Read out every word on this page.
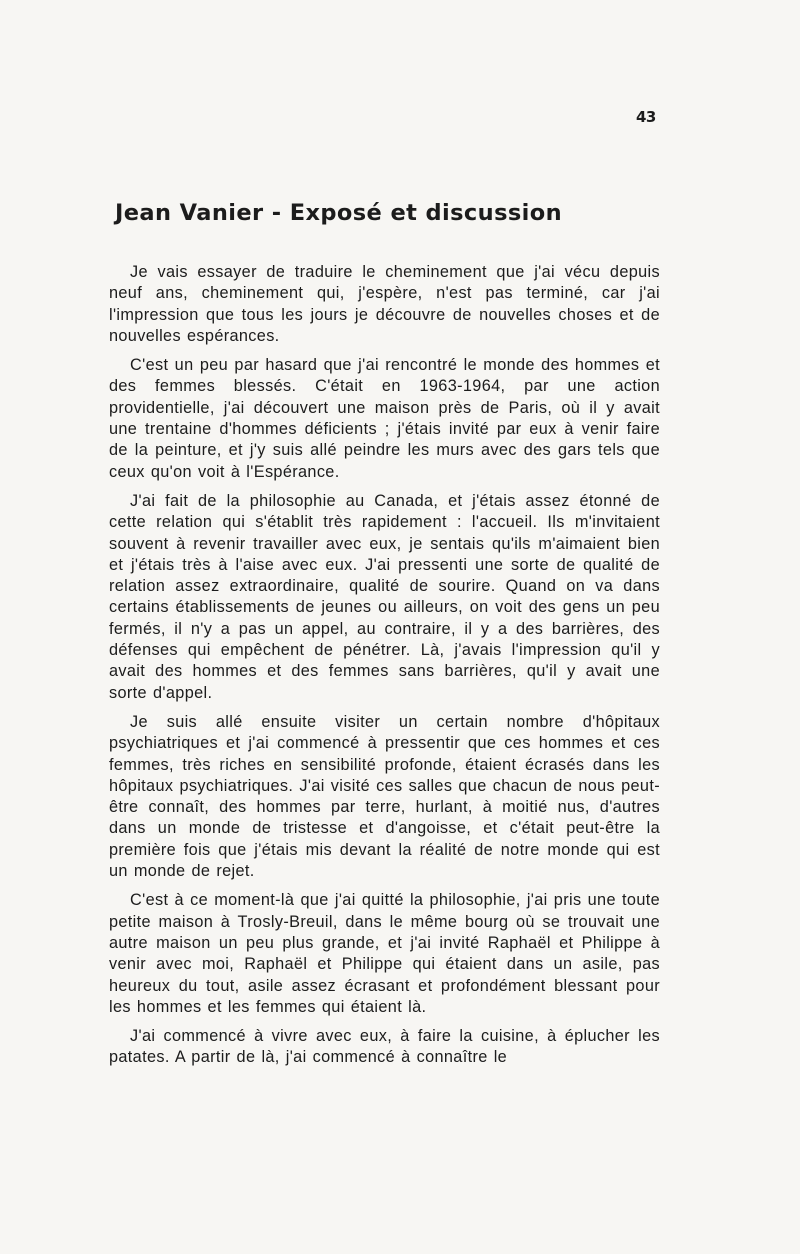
43
Jean Vanier - Exposé et discussion

Je vais essayer de traduire le cheminement que j'ai vécu depuis neuf ans, cheminement qui, j'espère, n'est pas terminé, car j'ai l'impression que tous les jours je découvre de nouvelles choses et de nouvelles espérances.

C'est un peu par hasard que j'ai rencontré le monde des hommes et des femmes blessés. C'était en 1963-1964, par une action providentielle, j'ai découvert une maison près de Paris, où il y avait une trentaine d'hommes déficients ; j'étais invité par eux à venir faire de la peinture, et j'y suis allé peindre les murs avec des gars tels que ceux qu'on voit à l'Espérance.

J'ai fait de la philosophie au Canada, et j'étais assez étonné de cette relation qui s'établit très rapidement : l'accueil. Ils m'invitaient souvent à revenir travailler avec eux, je sentais qu'ils m'aimaient bien et j'étais très à l'aise avec eux. J'ai pressenti une sorte de qualité de relation assez extraordinaire, qualité de sourire. Quand on va dans certains établissements de jeunes ou ailleurs, on voit des gens un peu fermés, il n'y a pas un appel, au contraire, il y a des barrières, des défenses qui empêchent de pénétrer. Là, j'avais l'impression qu'il y avait des hommes et des femmes sans barrières, qu'il y avait une sorte d'appel.

Je suis allé ensuite visiter un certain nombre d'hôpitaux psychiatriques et j'ai commencé à pressentir que ces hommes et ces femmes, très riches en sensibilité profonde, étaient écrasés dans les hôpitaux psychiatriques. J'ai visité ces salles que chacun de nous peut-être connaît, des hommes par terre, hurlant, à moitié nus, d'autres dans un monde de tristesse et d'angoisse, et c'était peut-être la première fois que j'étais mis devant la réalité de notre monde qui est un monde de rejet.

C'est à ce moment-là que j'ai quitté la philosophie, j'ai pris une toute petite maison à Trosly-Breuil, dans le même bourg où se trouvait une autre maison un peu plus grande, et j'ai invité Raphaël et Philippe à venir avec moi, Raphaël et Philippe qui étaient dans un asile, pas heureux du tout, asile assez écrasant et profondément blessant pour les hommes et les femmes qui étaient là.

J'ai commencé à vivre avec eux, à faire la cuisine, à éplucher les patates. A partir de là, j'ai commencé à connaître le
